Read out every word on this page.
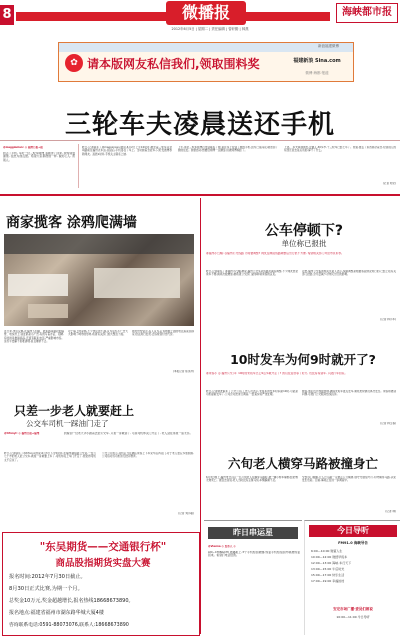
8	微播报
2012年6月5日 | 星期二 | 责任编辑 | 曾轩勤 | 林燕
海峡都市报
新浪福建微博
✿ 请本版网友私信我们,领取围料奖	福建新浪 Sina.com
微博·海都·报道
三轮车夫凌晨送还手机
@maggionian: ◎ 福州日报→报
我丢了手机, 幸好一位三轮车师傅 凌晨送了回来, 我特别感谢他, 在此为他点赞。希望大家都像他一样, 做好心人, 帮别人。
昨日,记者联系了@maggionian,她说,6月2日上午10时许,她坐着三轮车从金鸡路前往福州火车站,到站后,手机落在了车上。当时她着急赶车,只好发微博求助网友。凌晨1时许,手机失主联系上她,
上午,那位三轮车师傅打电话联系了她,说在车上捡到了她的手机,因为已是深夜,就送到了她的住处。她很感动,想要给师傅一点酬金,但被师傅婉拒了。
上述。 车夫叫林国发,安徽人,30多岁,干三轮车已经七年了。他说,谁丢了东西都会着急,捡到别人的东西还回去是应该的,算不了什么。
(记者 刘宏)
商家揽客 涂鸦爬满墙
连日来,市民反映,在福州五四路、鼓东路等路段的墙壁、电线杆上,到处都是小广告,有的写着办证、招聘,有的则是推销商品,还留有联系电话,严重影响市容。这些牛皮癣不但难清理,而且屡禁不止。
对于墙上的涂鸦,不少市民很不满,认为这些小广告大大影响了城市的形象,希望有关部门加大整治力度。
网友纷纷留言,有人认为,应该根据上面的电话追查到商家,依法进行处罚,让违规者付出代价。
(本报记者 陈永祥)
只差一步老人就要赶上
公交车司机一踩油门走了
@trfonyl: ◎ 福州日报→福州	我看到一位老大爷小跑着去赶公交车, 只差一步就到了, 可是司机却关门开走了, 老人站在那里一脸无奈。
昨日,记者联系了@trfonyl,他说,6月3日下午5时许,在福州湖东路公交站,一位六七十岁的老人赶公交车,就差一步就要上车了,司机却关上车门开走了,他觉得司机太不应该了。
公交公司表示,司机应当在确认乘客上下车完毕后再关门,对于老人更应多加照顾,公司将对该司机进行批评教育。
(记者 刘小聪)
"东吴期货——交通银行杯"
商品股指期货实盘大赛
报名时间:2012年7月30日截止。
8月30日正式比赛,为期一个月。
总奖金10万元,奖金超越增长,报名热线18668673890。
报名地点:福建省福州市湖东路华城大厦4楼
咨询联系电话:0591-88073076,联系人:18668673890
公车停顿下?
单位称已报批
@福州小红帽: ◎福州公交线路 为何要调整? 网友反映说线路调整后出行很不方便, 希望相关部门考虑市民诉求。
昨日,记者联系了@福州小红帽,她说,福州公交多条线路近期有调整,不少网友感觉乘车不便,换乘次数增加,她希望公交部门能够听取乘客的意见。
对此,福州公交集团相关负责人表示,线路调整是根据客流情况进行的,已经上报有关部门批准,会尽量减少对市民出行的影响。
(记者 林小华)
10时发车为何9时就开了?
@乘客小 ◎ 福州公交 问: 10时的末班车怎么9点多就开走了? 我们在站台等了好久, 也没有等到车, 只能打车回家。
昨日,记者就此联系了公交公司,工作人员表示,末班车的发车时间是10时,可能是司机提前发车了,公司会对此进行调查,一经查实将严肃处理。
她说,他们也会加强管理,确保末班车准点发车,避免类似情况再次发生。乘客如遇到问题,可拨打公交服务热线投诉。
(记者 林玉春)
六旬老人横穿马路被撞身亡
6月3日晚上,福州市仓山区一名六旬老人在横穿马路时,被一辆小轿车撞倒,经抢救无效死亡。据目击者说,老人当时没有走斑马线,车辆躲避不及。
交警部门提醒,行人过马路一定要走人行横道,遵守交通信号灯,切勿横穿马路,以免发生危险。目前,事故正在进一步调查中。
(记者 林)
昨日串运星
@Vienna ◎ 发布人 ◎
LIN~CHINGCHI 微播报上,3个手机短信被删,恢复手机短信到外就被恢复回来。希望打电话给我。
今日导听
FM91.0 海峡导告
6:00—10:00 财富人生
10:00—12:00 财经早班车
12:00—13:00 海峡·车行天下
13:00—15:00 午后时光
15:00—17:00 快乐生活
17:00—19:00 幸福拍档
安定市场广播·委员们都说
10:00—11:00 今日导听
